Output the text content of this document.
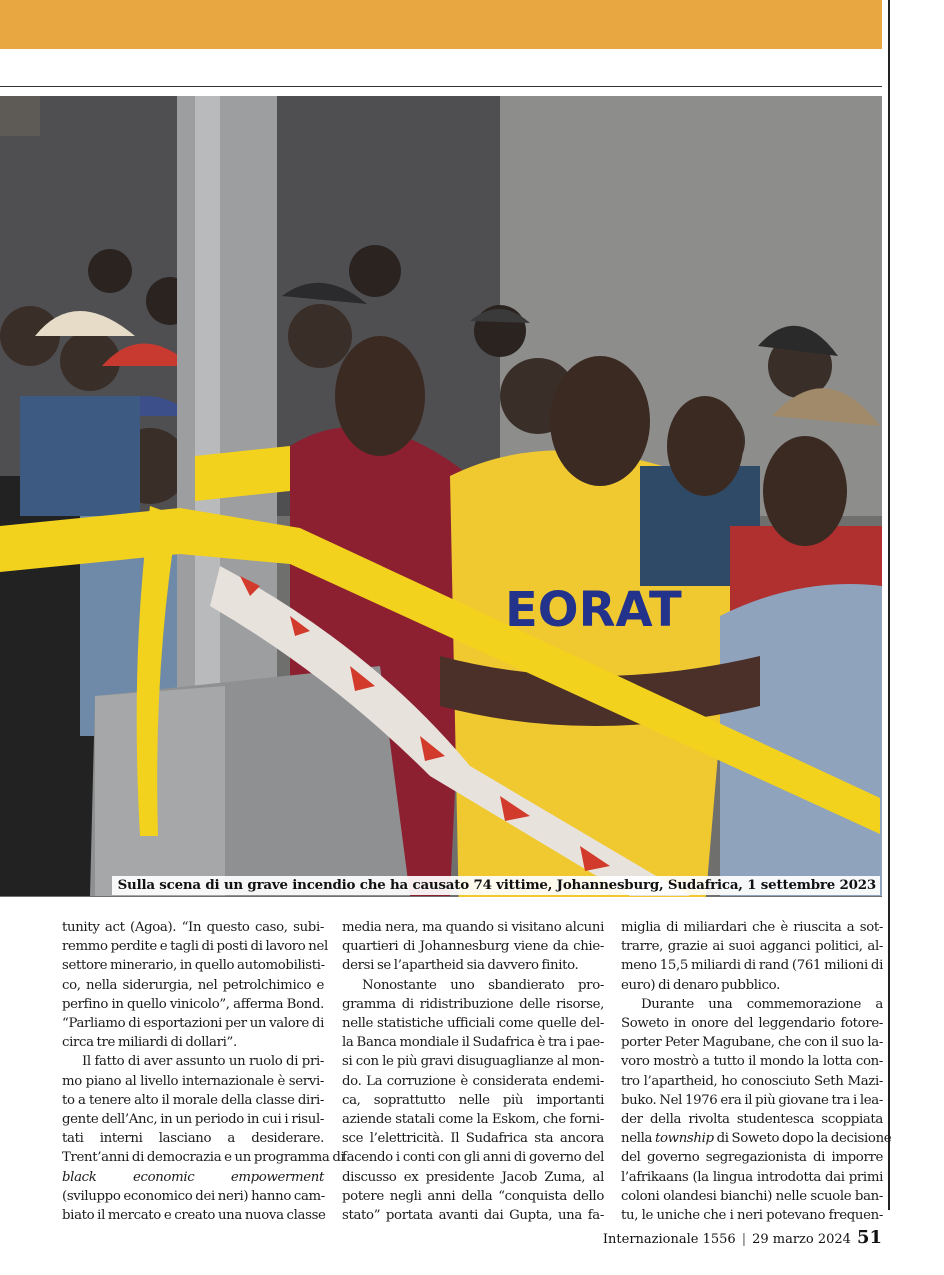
EORAT
Sulla scena di un grave incendio che ha causato 74 vittime, Johannesburg, Sudafrica, 1 settembre 2023

tunity act (Agoa). “In questo caso, subi-

remmo perdite e tagli di posti di lavoro nel

settore minerario, in quello automobilisti-

co, nella siderurgia, nel petrolchimico e

perfino in quello vinicolo”, afferma Bond.

“Parliamo di esportazioni per un valore di

circa tre miliardi di dollari”.

Il fatto di aver assunto un ruolo di pri-

mo piano al livello internazionale è servi-

to a tenere alto il morale della classe diri-

gente dell’Anc, in un periodo in cui i risul-

tati interni lasciano a desiderare.

Trent’anni di democrazia e un programma di

black economic empowerment

(sviluppo economico dei neri) hanno cam-

biato il mercato e creato una nuova classe

media nera, ma quando si visitano alcuni

quartieri di Johannesburg viene da chie-

dersi se l’apartheid sia davvero finito.

Nonostante uno sbandierato pro-

gramma di ridistribuzione delle risorse,

nelle statistiche ufficiali come quelle del-

la Banca mondiale il Sudafrica è tra i pae-

si con le più gravi disuguaglianze al mon-

do. La corruzione è considerata endemi-

ca, soprattutto nelle più importanti

aziende statali come la Eskom, che forni-

sce l’elettricità. Il Sudafrica sta ancora

facendo i conti con gli anni di governo del

discusso ex presidente Jacob Zuma, al

potere negli anni della “conquista dello

stato” portata avanti dai Gupta, una fa-

miglia di miliardari che è riuscita a sot-

trarre, grazie ai suoi agganci politici, al-

meno 15,5 miliardi di rand (761 milioni di

euro) di denaro pubblico.

Durante una commemorazione a

Soweto in onore del leggendario fotore-

porter Peter Magubane, che con il suo la-

voro mostrò a tutto il mondo la lotta con-

tro l’apartheid, ho conosciuto Seth Mazi-

buko. Nel 1976 era il più giovane tra i lea-

der della rivolta studentesca scoppiata

nella township di Soweto dopo la decisione

del governo segregazionista di imporre

l’afrikaans (la lingua introdotta dai primi

coloni olandesi bianchi) nelle scuole ban-

tu, le uniche che i neri potevano frequen-

Internazionale 1556 | 29 marzo 2024 51
